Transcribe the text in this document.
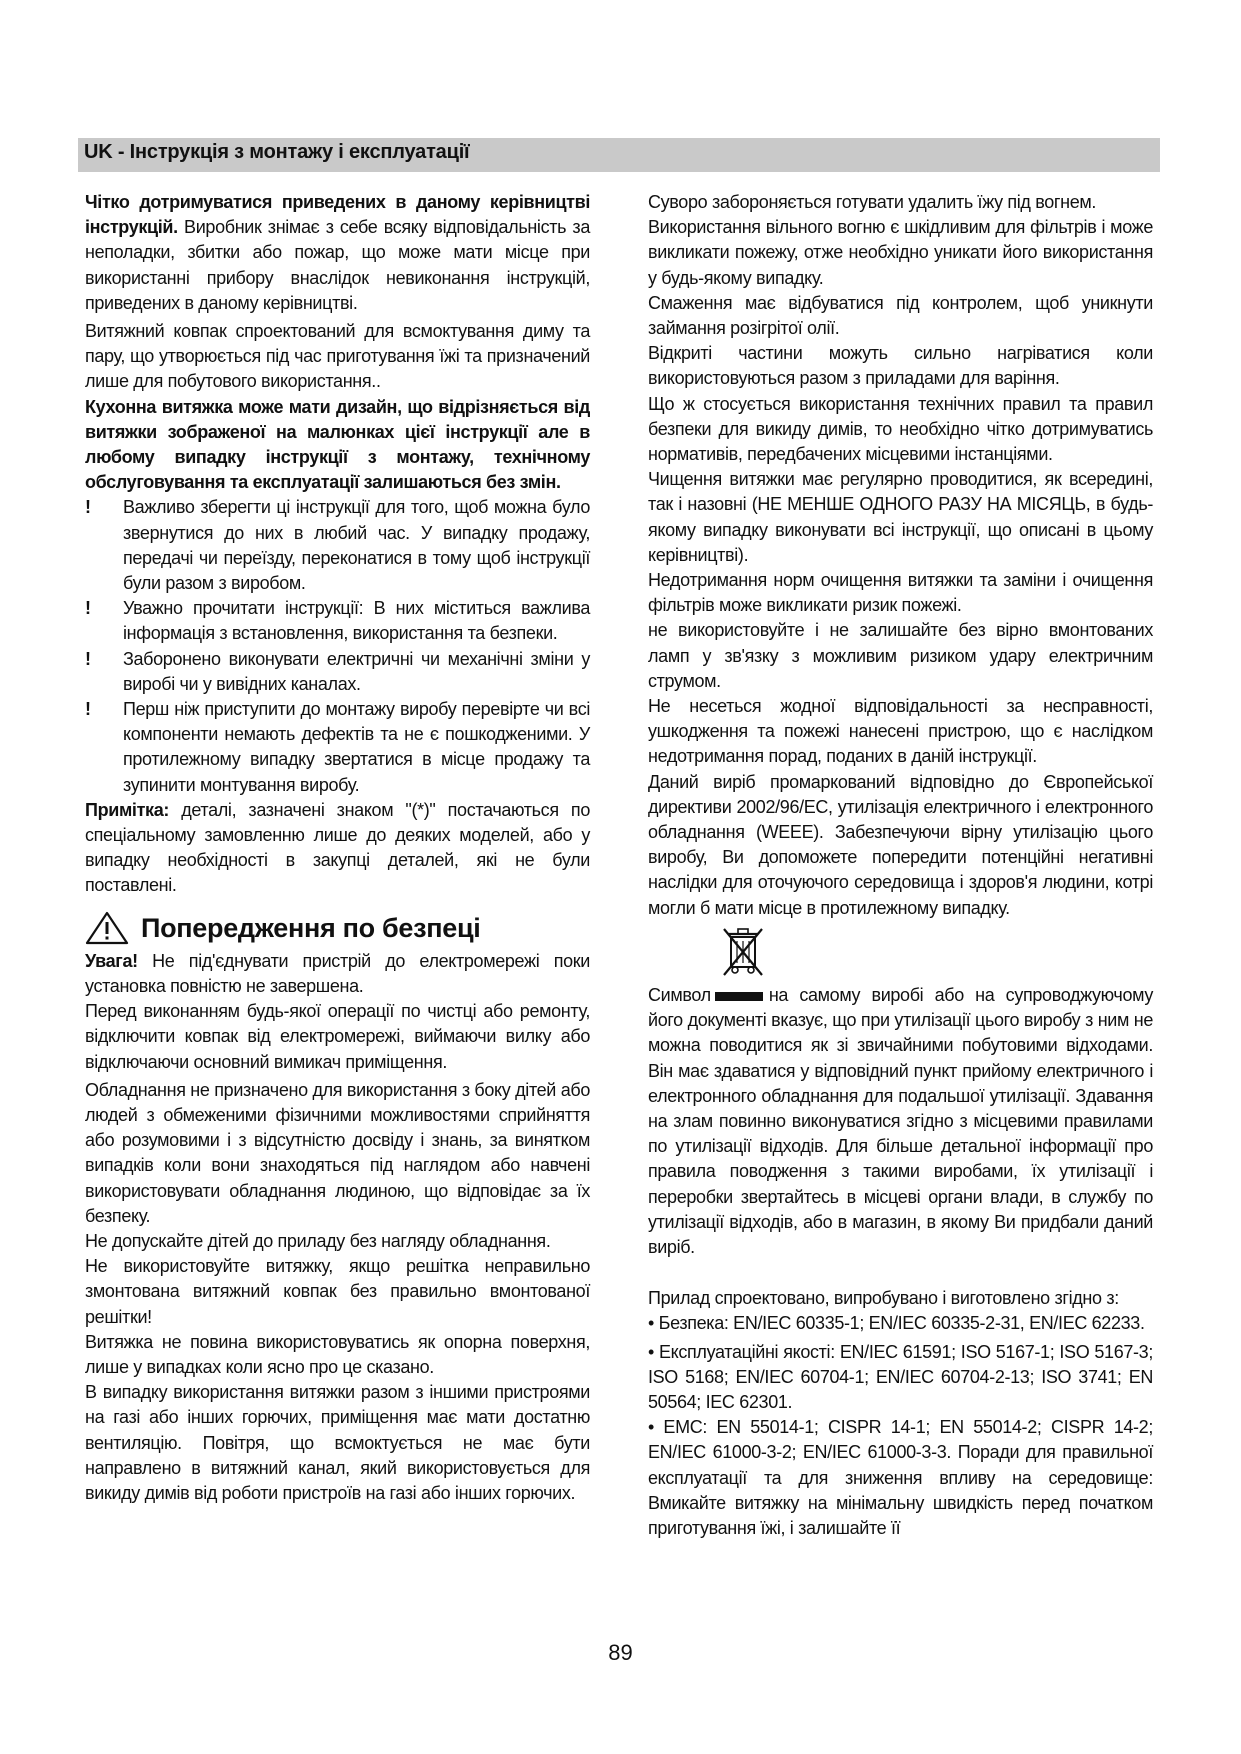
UK - Інструкція з монтажу і експлуатації

Чітко дотримуватися приведених в даному керівництві інструкцій. Виробник знімає з себе всяку відповідальність за неполадки, збитки або пожар, що може мати місце при використанні прибору внаслідок невиконання інструкцій, приведених в даному керівництві.

Витяжний ковпак спроектований для всмоктування диму та пару, що утворюється під час приготування їжі та призначений лише для побутового використання..

Кухонна витяжка може мати дизайн, що відрізняється від витяжки зображеної на малюнках цієї інструкції але в любому випадку інструкції з монтажу, технічному обслуговування та експлуатації залишаються без змін.

! Важливо зберегти ці інструкції для того, щоб можна було звернутися до них в любий час. У випадку продажу, передачі чи переїзду, переконатися в тому щоб інструкції були разом з виробом.
! Уважно прочитати інструкції: В них міститься важлива інформація з встановлення, використання та безпеки.
! Заборонено виконувати електричні чи механічні зміни у виробі чи у вивідних каналах.
! Перш ніж приступити до монтажу виробу перевірте чи всі компоненти немають дефектів та не є пошкодженими. У протилежному випадку звертатися в місце продажу та зупинити монтування виробу.

Примітка: деталі, зазначені знаком "(*)" постачаються по спеціальному замовленню лише до деяких моделей, або у випадку необхідності в закупці деталей, які не були поставлені.

Попередження по безпеці

Увага! Не під'єднувати пристрій до електромережі поки установка повністю не завершена.

Перед виконанням будь-якої операції по чистці або ремонту, відключити ковпак від електромережі, виймаючи вилку або відключаючи основний вимикач приміщення.

Обладнання не призначено для використання з боку дітей або людей з обмеженими фізичними можливостями сприйняття або розумовими і з відсутністю досвіду і знань, за винятком випадків коли вони знаходяться під наглядом або навчені використовувати обладнання людиною, що відповідає за їх безпеку.

Не допускайте дітей до приладу без нагляду обладнання.

Не використовуйте витяжку, якщо решітка неправильно змонтована витяжний ковпак без правильно вмонтованої решітки!

Витяжка не повина використовуватись як опорна поверхня, лише у випадках коли ясно про це сказано.

В випадку використання витяжки разом з іншими пристроями на газі або інших горючих, приміщення має мати достатню вентиляцію. Повітря, що всмоктується не має бути направлено в витяжний канал, який використовується для викиду димів від роботи пристроїв на газі або інших горючих.

Суворо забороняється готувати удалить їжу під вогнем.

Використання вільного вогню є шкідливим для фільтрів і може викликати пожежу, отже необхідно уникати його використання у будь-якому випадку.

Смаження має відбуватися під контролем, щоб уникнути займання розігрітої олії.

Відкриті частини можуть сильно нагріватися коли використовуються разом з приладами для варіння.

Що ж стосується використання технічних правил та правил безпеки для викиду димів, то необхідно чітко дотримуватись нормативів, передбачених місцевими інстанціями.

Чищення витяжки має регулярно проводитися, як всередині, так і назовні (НЕ МЕНШЕ ОДНОГО РАЗУ НА МІСЯЦЬ, в будь-якому випадку виконувати всі інструкції, що описані в цьому керівництві).

Недотримання норм очищення витяжки та заміни і очищення фільтрів може викликати ризик пожежі.

не використовуйте і не залишайте без вірно вмонтованих ламп у зв'язку з можливим ризиком удару електричним струмом.

Не несеться жодної відповідальності за несправності, ушкодження та пожежі нанесені пристрою, що є наслідком недотримання порад, поданих в даній інструкції.

Даний виріб промаркований відповідно до Європейської директиви 2002/96/EC, утилізація електричного і електронного обладнання (WEEE). Забезпечуючи вірну утилізацію цього виробу, Ви допоможете попередити потенційні негативні наслідки для оточуючого середовища і здоров'я людини, котрі могли б мати місце в протилежному випадку.

Символ	на самому виробі або на супроводжуючому його документі вказує, що при утилізації цього виробу з ним не можна поводитися як зі звичайними побутовими відходами. Він має здаватися у відповідний пункт прийому електричного і електронного обладнання для подальшої утилізації. Здавання на злам повинно виконуватися згідно з місцевими правилами по утилізації відходів. Для більше детальної інформації про правила поводження з такими виробами, їх утилізації і переробки звертайтесь в місцеві органи влади, в службу по утилізації відходів, або в магазин, в якому Ви придбали даний виріб.

Прилад спроектовано, випробувано і виготовлено згідно з:

• Безпека: EN/IEC 60335-1; EN/IEC 60335-2-31, EN/IEC 62233.

• Експлуатаційні якості: EN/IEC 61591; ISO 5167-1; ISO 5167-3; ISO 5168; EN/IEC 60704-1; EN/IEC 60704-2-13; ISO 3741; EN 50564; IEC 62301.

• EMC: EN 55014-1; CISPR 14-1; EN 55014-2; CISPR 14-2; EN/IEC 61000-3-2; EN/IEC 61000-3-3. Поради для правильної експлуатації та для зниження впливу на середовище: Вмикайте витяжку на мінімальну швидкість перед початком приготування їжі, і залишайте її

89
